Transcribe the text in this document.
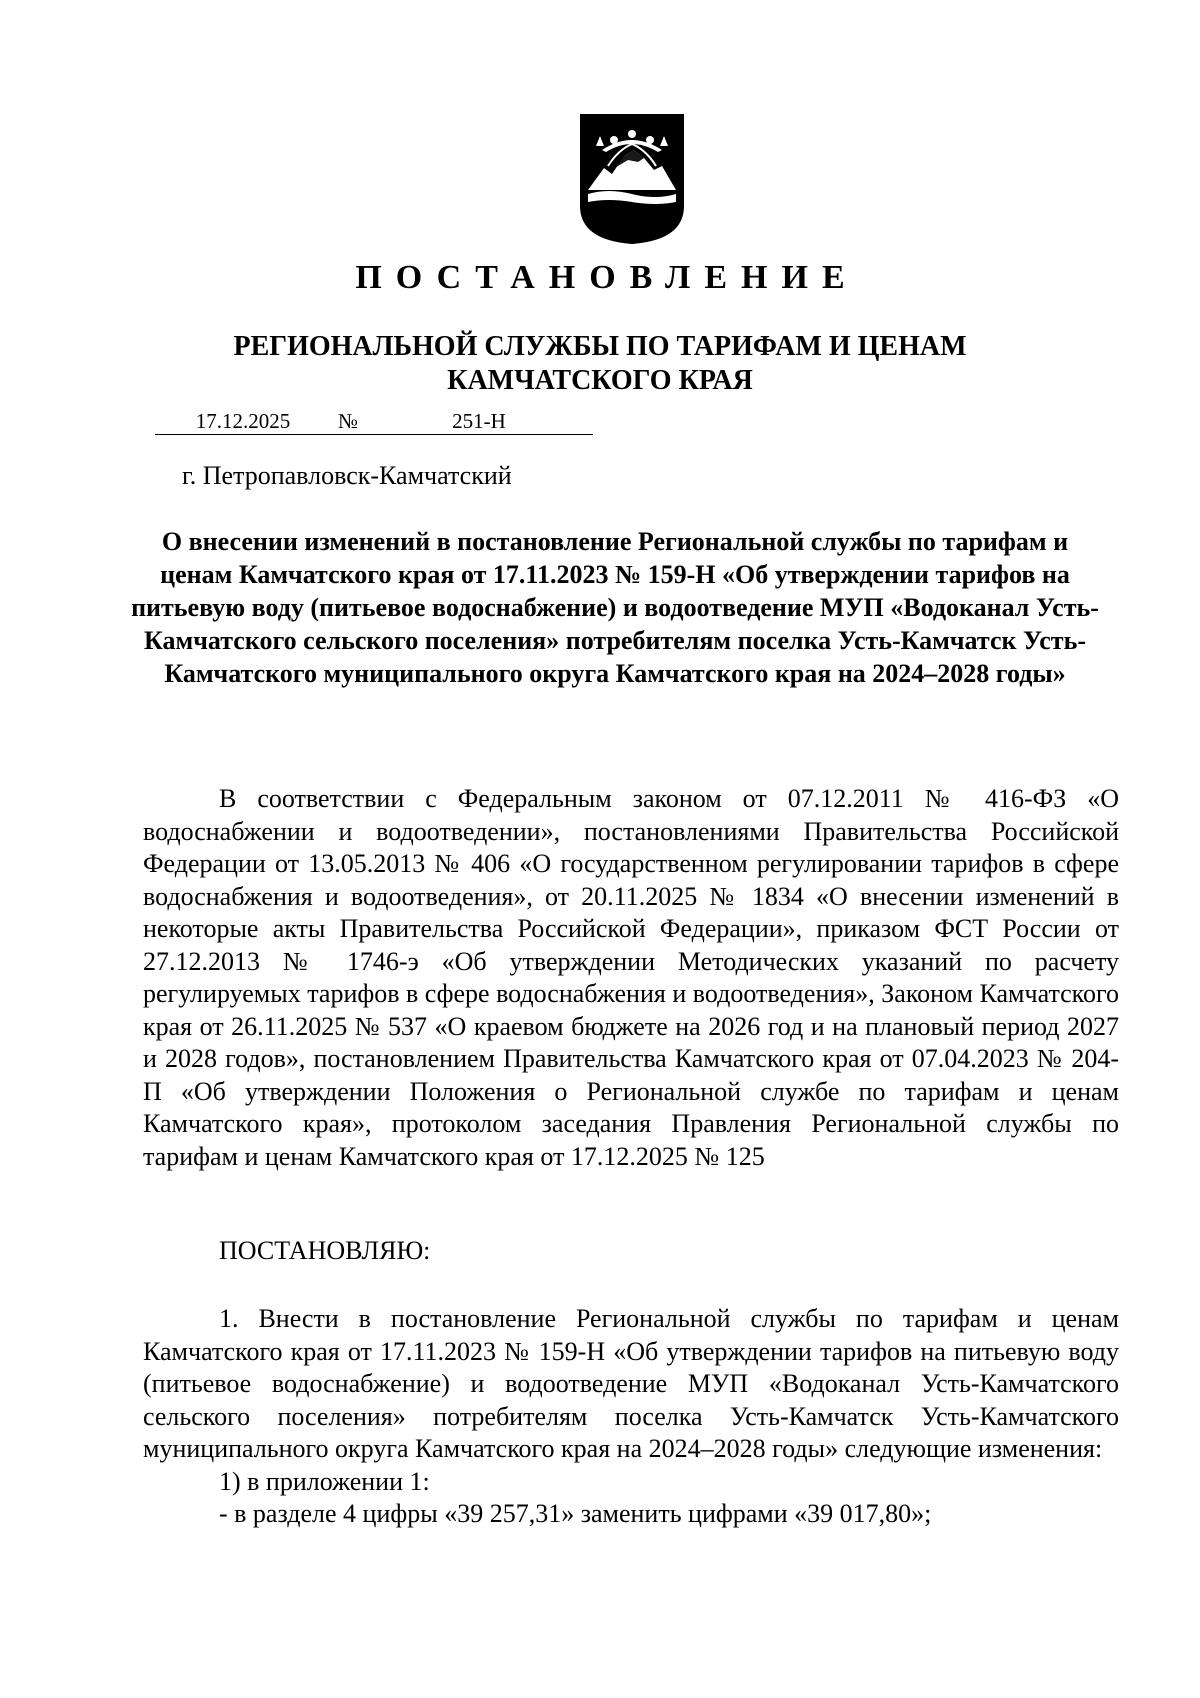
ПОСТАНОВЛЕНИЕ
РЕГИОНАЛЬНОЙ СЛУЖБЫ ПО ТАРИФАМ И ЦЕНАМ
КАМЧАТСКОГО КРАЯ
17.12.2025	№	251-Н
г. Петропавловск-Камчатский
О внесении изменений в постановление Региональной службы по тарифам и ценам Камчатского края от 17.11.2023 № 159-Н «Об утверждении тарифов на питьевую воду (питьевое водоснабжение) и водоотведение МУП «Водоканал Усть-Камчатского сельского поселения» потребителям поселка Усть-Камчатск Усть-Камчатского муниципального округа Камчатского края на 2024–2028 годы»
В соответствии с Федеральным законом от 07.12.2011 № 416-ФЗ «О водоснабжении и водоотведении», постановлениями Правительства Российской Федерации от 13.05.2013 № 406 «О государственном регулировании тарифов в сфере водоснабжения и водоотведения», от 20.11.2025 № 1834 «О внесении изменений в некоторые акты Правительства Российской Федерации», приказом ФСТ России от 27.12.2013 № 1746-э «Об утверждении Методических указаний по расчету регулируемых тарифов в сфере водоснабжения и водоотведения», Законом Камчатского края от 26.11.2025 № 537 «О краевом бюджете на 2026 год и на плановый период 2027 и 2028 годов», постановлением Правительства Камчатского края от 07.04.2023 № 204-П «Об утверждении Положения о Региональной службе по тарифам и ценам Камчатского края», протоколом заседания Правления Региональной службы по тарифам и ценам Камчатского края от 17.12.2025 № 125
ПОСТАНОВЛЯЮ:
1. Внести в постановление Региональной службы по тарифам и ценам Камчатского края от 17.11.2023 № 159-Н «Об утверждении тарифов на питьевую воду (питьевое водоснабжение) и водоотведение МУП «Водоканал Усть-Камчатского сельского поселения» потребителям поселка Усть-Камчатск Усть-Камчатского муниципального округа Камчатского края на 2024–2028 годы» следующие изменения:
1) в приложении 1:
- в разделе 4 цифры «39 257,31» заменить цифрами «39 017,80»;
